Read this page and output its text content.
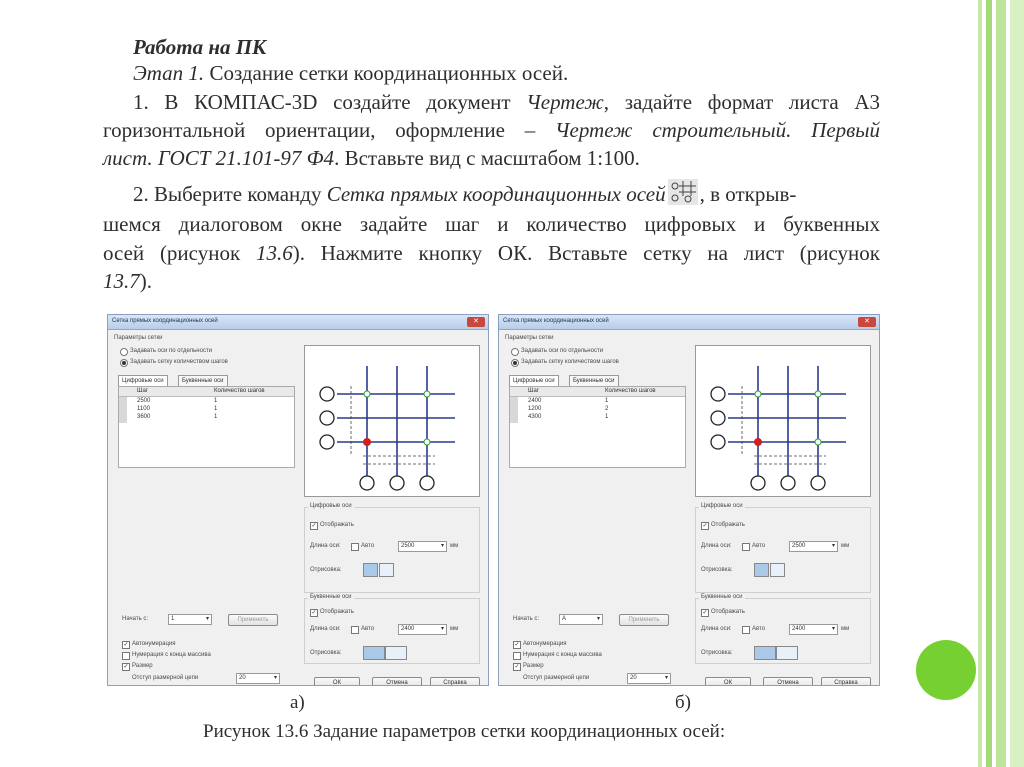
Работа на ПК
Этап 1. Создание сетки координационных осей.
1. В КОМПАС-3D создайте документ Чертеж, задайте формат листа А3
горизонтальной ориентации, оформление – Чертеж строительный. Первый
лист. ГОСТ 21.101-97 Ф4. Вставьте вид с масштабом 1:100.
2. Выберите команду Сетка прямых координационных осей , в открыв-
шемся диалоговом окне задайте шаг и количество цифровых и буквенных
осей (рисунок 13.6). Нажмите кнопку ОК. Вставьте сетку на лист (рисунок
13.7).
Сетка прямых координационных осей	✕
Параметры сетки
Задавать оси по отдельности
Задавать сетку количеством шагов
Цифровые оси	Буквенные оси
Шаг	Количество шагов
2500	1
1100	1
3600	1
Начать с:	1 ▾	Применить
✓ Автонумерация
Нумерация с конца массива
✓ Размер
Отступ размерной цепи	20 ▾
Цифровые оси
✓ Отображать
Длина оси:	Авто	2500 ▾	мм
Отрисовка:
Буквенные оси
✓ Отображать
Длина оси:	Авто	2400 ▾	мм
Отрисовка:
ОК	Отмена	Справка
Сетка прямых координационных осей	✕
Параметры сетки
Задавать оси по отдельности
Задавать сетку количеством шагов
Цифровые оси	Буквенные оси
Шаг	Количество шагов
2400	1
1200	2
4300	1
Начать с:	А ▾	Применить
✓ Автонумерация
Нумерация с конца массива
✓ Размер
Отступ размерной цепи	20 ▾
Цифровые оси
✓ Отображать
Длина оси:	Авто	2500 ▾	мм
Отрисовка:
Буквенные оси
✓ Отображать
Длина оси:	Авто	2400 ▾	мм
Отрисовка:
ОК	Отмена	Справка
а)	б)
Рисунок 13.6 Задание параметров сетки координационных осей:
